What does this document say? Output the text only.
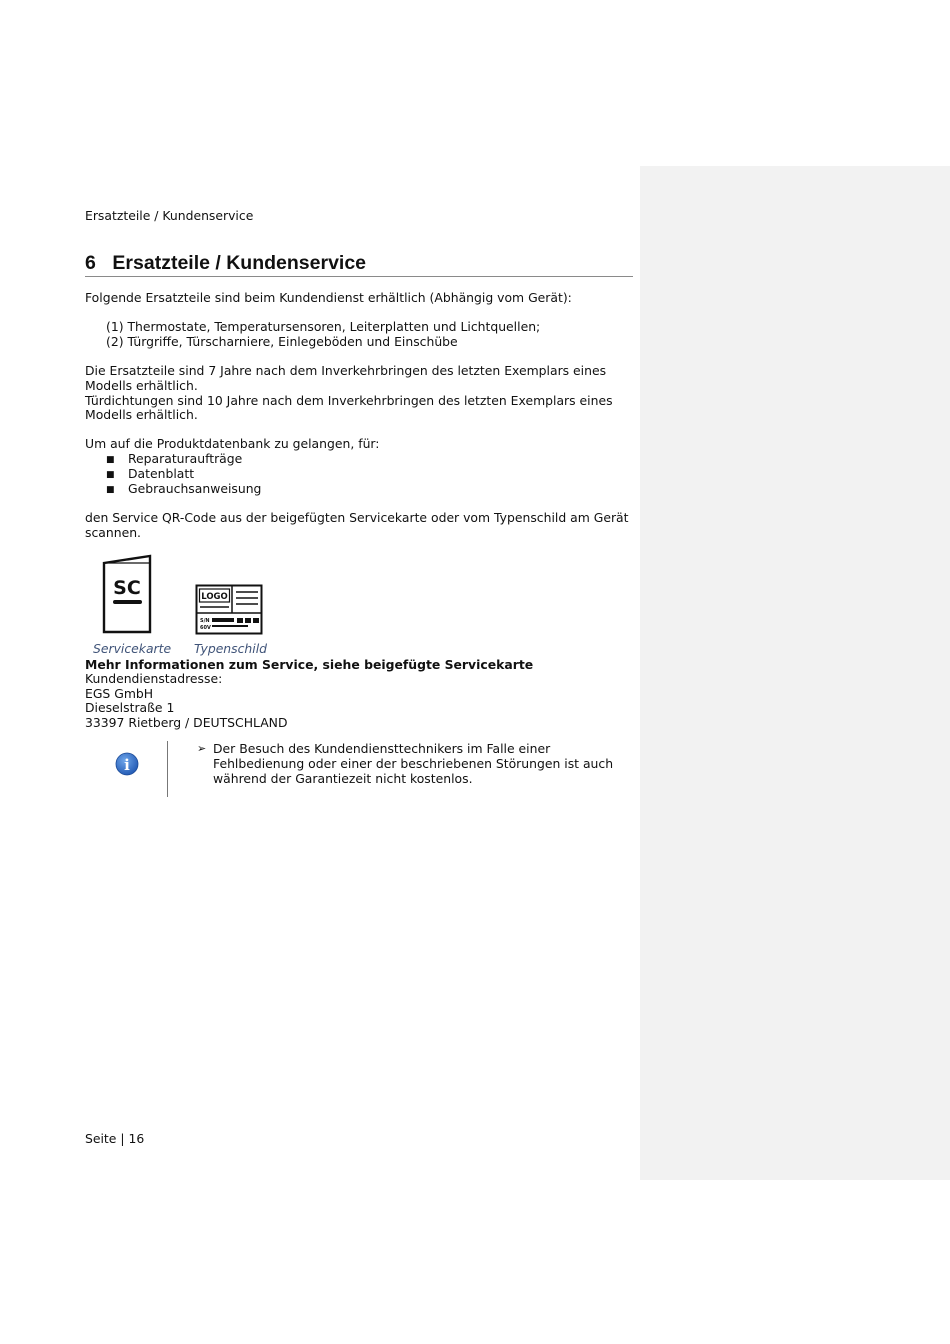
Ersatzteile / Kundenservice
6 Ersatzteile / Kundenservice
Folgende Ersatzteile sind beim Kundendienst erhältlich (Abhängig vom Gerät):
(1) Thermostate, Temperatursensoren, Leiterplatten und Lichtquellen;
(2) Türgriffe, Türscharniere, Einlegeböden und Einschübe
Die Ersatzteile sind 7 Jahre nach dem Inverkehrbringen des letzten Exemplars eines
Modells erhältlich.
Türdichtungen sind 10 Jahre nach dem Inverkehrbringen des letzten Exemplars eines
Modells erhältlich.
Um auf die Produktdatenbank zu gelangen, für:
■ Reparaturaufträge
■ Datenblatt
■ Gebrauchsanweisung
den Service QR-Code aus der beigefügten Servicekarte oder vom Typenschild am Gerät
scannen.
SC	LOGO
S/N
60V
Servicekarte Typenschild
Mehr Informationen zum Service, siehe beigefügte Servicekarte
Kundendienstadresse:
EGS GmbH
Dieselstraße 1
33397 Rietberg / DEUTSCHLAND
i
➢ Der Besuch des Kundendiensttechnikers im Falle einer
Fehlbedienung oder einer der beschriebenen Störungen ist auch
während der Garantiezeit nicht kostenlos.
Seite | 16
